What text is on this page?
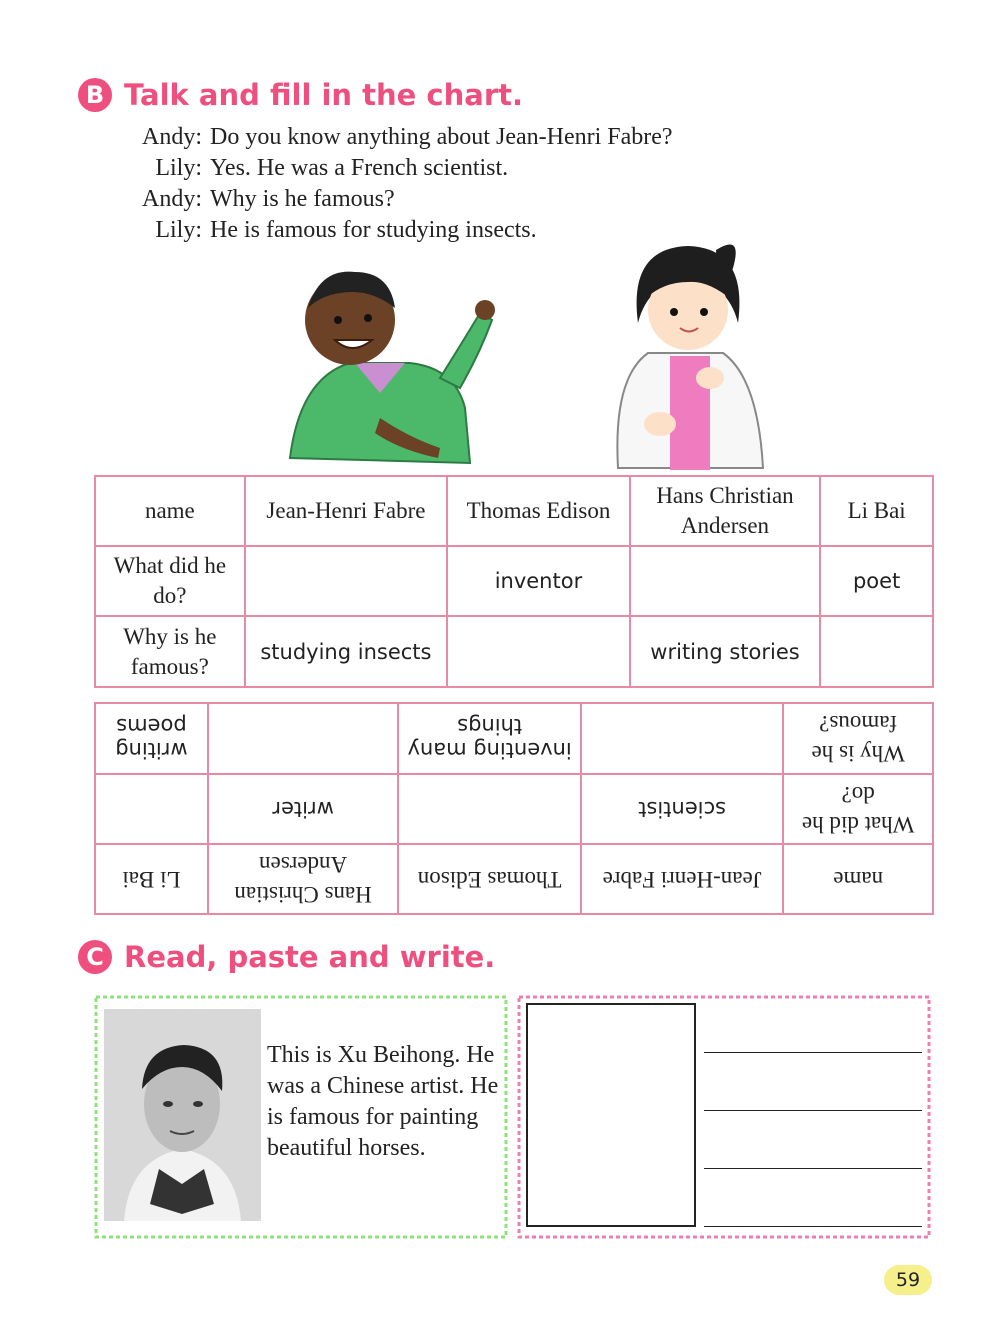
B Talk and fill in the chart.
Andy: Do you know anything about Jean-Henri Fabre?
Lily: Yes. He was a French scientist.
Andy: Why is he famous?
Lily: He is famous for studying insects.
name	Jean-Henri Fabre	Thomas Edison	Hans Christian Andersen	Li Bai
What did he do?		inventor		poet
Why is he famous?	studying insects		writing stories	
name	Jean-Henri Fabre	Thomas Edison	Hans Christian Andersen	Li Bai
What did he do?	scientist		writer	
Why is he famous?		inventing many things		writing poems
C Read, paste and write.
This is Xu Beihong. He was a Chinese artist. He is famous for painting beautiful horses.
59
